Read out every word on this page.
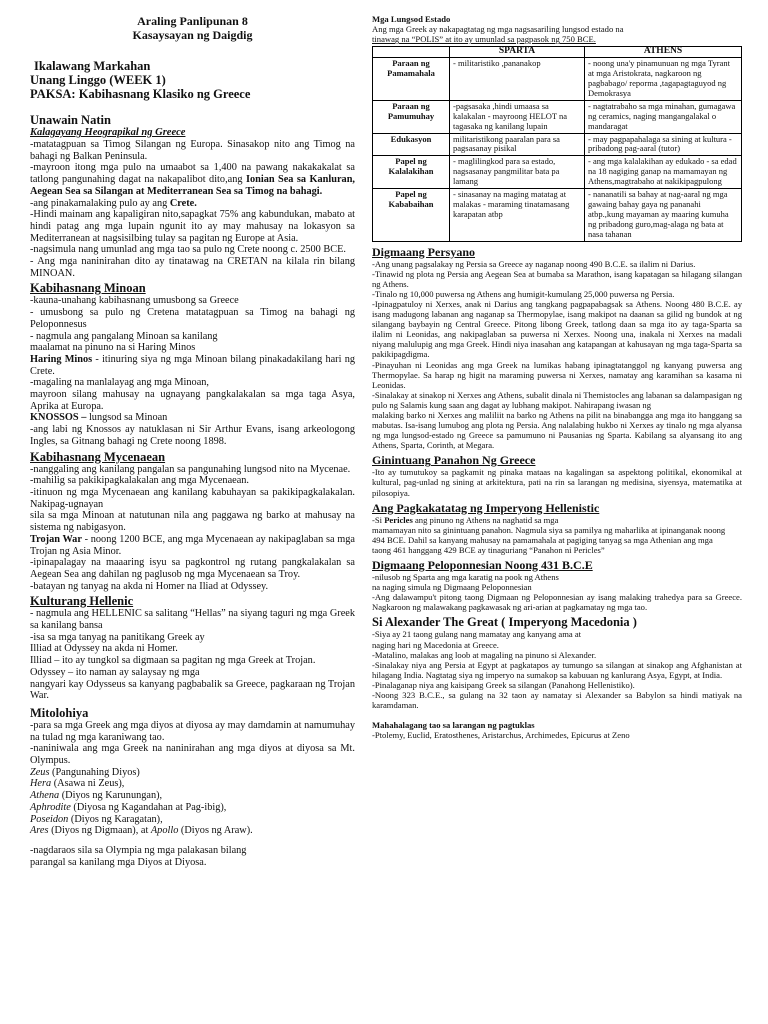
Araling Panlipunan 8
Kasaysayan ng Daigdig
Ikalawang Markahan
Unang Linggo (WEEK 1)
PAKSA: Kabihasnang Klasiko ng Greece
Unawain Natin
Kalagayang Heograpikal ng Greece

-matatagpuan sa Timog Silangan ng Europa. Sinasakop nito ang Timog na bahagi ng Balkan Peninsula.

-mayroon itong mga pulo na umaabot sa 1,400 na pawang nakakakalat sa tatlong pangunahing dagat na nakapalibot dito,ang Ionian Sea sa Kanluran, Aegean Sea sa Silangan at Mediterranean Sea sa Timog na bahagi.

-ang pinakamalaking pulo ay ang Crete.

-Hindi mainam ang kapaligiran nito,sapagkat 75% ang kabundukan, mabato at hindi patag ang mga lupain ngunit ito ay may mahusay na lokasyon sa Mediterranean at nagsisilbing tulay sa pagitan ng Europe at Asia.

-nagsimula nang umunlad ang mga tao sa pulo ng Crete noong c. 2500 BCE.

- Ang mga naninirahan dito ay tinatawag na CRETAN na kilala rin bilang MINOAN.

Kabihasnang Minoan

-kauna-unahang kabihasnang umusbong sa Greece

- umusbong sa pulo ng Cretena matatagpuan sa Timog na bahagi ng Peloponnesus

- nagmula ang pangalang Minoan sa kanilang

maalamat na pinuno na si Haring Minos

Haring Minos - itinuring siya ng mga Minoan bilang pinakadakilang hari ng Crete.

-magaling na manlalayag ang mga Minoan,

mayroon silang mahusay na ugnayang pangkalakalan sa mga taga Asya, Aprika at Europa.

KNOSSOS – lungsod sa Minoan

-ang labi ng Knossos ay natuklasan ni Sir Arthur Evans, isang arkeologong Ingles, sa Gitnang bahagi ng Crete noong 1898.

Kabihasnang Mycenaean

-nanggaling ang kanilang pangalan sa pangunahing lungsod nito na Mycenae.

-mahilig sa pakikipagkalakalan ang mga Mycenaean.

-itinuon ng mga Mycenaean ang kanilang kabuhayan sa pakikipagkalakalan. Nakipag-ugnayan

sila sa mga Minoan at natutunan nila ang paggawa ng barko at mahusay na sistema ng nabigasyon.

Trojan War - noong 1200 BCE, ang mga Mycenaean ay nakipaglaban sa mga Trojan ng Asia Minor.

-ipinapalagay na maaaring isyu sa pagkontrol ng rutang pangkalakalan sa Aegean Sea ang dahilan ng paglusob ng mga Mycenaean sa Troy.

-batayan ng tanyag na akda ni Homer na Iliad at Odyssey.

Kulturang Hellenic

- nagmula ang HELLENIC sa salitang “Hellas” na siyang taguri ng mga Greek sa kanilang bansa

-isa sa mga tanyag na panitikang Greek ay

Illiad at Odyssey na akda ni Homer.

Illiad – ito ay tungkol sa digmaan sa pagitan ng mga Greek at Trojan.

Odyssey – ito naman ay salaysay ng mga

nangyari kay Odysseus sa kanyang pagbabalik sa Greece, pagkaraan ng Trojan War.

Mitolohiya

-para sa mga Greek ang mga diyos at diyosa ay may damdamin at namumuhay na tulad ng mga karaniwang tao.

-naniniwala ang mga Greek na naninirahan ang mga diyos at diyosa sa Mt. Olympus.

Zeus (Pangunahing Diyos)

Hera (Asawa ni Zeus),

Athena (Diyos ng Karunungan),

Aphrodite (Diyosa ng Kagandahan at Pag-ibig),

Poseidon (Diyos ng Karagatan),

Ares (Diyos ng Digmaan), at Apollo (Diyos ng Araw).

-nagdaraos sila sa Olympia ng mga palakasan bilang

parangal sa kanilang mga Diyos at Diyosa.

Mga Lungsod Estado

Ang mga Greek ay nakapagtatag ng mga nagsasariling lungsod estado na

tinawag na “POLIS” at ito ay umunlad sa pagpasok ng 750 BCE.

	SPARTA	ATHENS
Paraan ng Pamamahala	- militaristiko ,pananakop	- noong una'y pinamunuan ng mga Tyrant at mga Aristokrata, nagkaroon ng pagbabago/ reporma ,tagapagtaguyod ng Demokrasya
Paraan ng Pamumuhay	-pagsasaka ,hindi umaasa sa kalakalan - mayroong HELOT na tagasaka ng kanilang lupain	- nagtatrabaho sa mga minahan, gumagawa ng ceramics, naging mangangalakal o mandaragat
Edukasyon	militaristikong paaralan para sa pagsasanay pisikal	- may pagpapahalaga sa sining at kultura - pribadong pag-aaral (tutor)
Papel ng Kalalakihan	- maglilingkod para sa estado, nagsasanay pangmilitar bata pa lamang	- ang mga kalalakihan ay edukado - sa edad na 18 nagiging ganap na mamamayan ng Athens,magtrabaho at nakikipagpulong
Papel ng Kababaihan	- sinasanay na maging matatag at malakas - maraming tinatamasang karapatan atbp	- nananatili sa bahay at nag-aaral ng mga gawaing bahay gaya ng pananahi atbp.,kung mayaman ay maaring kumuha ng pribadong guro,mag-alaga ng bata at nasa tahanan
Digmaang Persyano

-Ang unang pagsalakay ng Persia sa Greece ay naganap noong 490 B.C.E. sa ilalim ni Darius.

-Tinawid ng plota ng Persia ang Aegean Sea at bumaba sa Marathon, isang kapatagan sa hilagang silangan ng Athens.

-Tinalo ng 10,000 puwersa ng Athens ang humigit-kumulang 25,000 puwersa ng Persia.

-Ipinagpatuloy ni Xerxes, anak ni Darius ang tangkang pagpapabagsak sa Athens. Noong 480 B.C.E. ay isang madugong labanan ang naganap sa Thermopylae, isang makipot na daanan sa gilid ng bundok at ng silangang baybayin ng Central Greece. Pitong libong Greek, tatlong daan sa mga ito ay taga-Sparta sa ilalim ni Leonidas, ang nakipaglaban sa puwersa ni Xerxes. Noong una, inakala ni Xerxes na madali niyang malulupig ang mga Greek. Hindi niya inasahan ang katapangan at kahusayan ng mga taga-Sparta sa pakikipagdigma.

-Pinayuhan ni Leonidas ang mga Greek na lumikas habang ipinagtatanggol ng kanyang puwersa ang Thermopylae. Sa harap ng higit na maraming puwersa ni Xerxes, namatay ang karamihan sa kasama ni Leonidas.

-Sinalakay at sinakop ni Xerxes ang Athens, subalit dinala ni Themistocles ang labanan sa dalampasigan ng pulo ng Salamis kung saan ang dagat ay lubhang makipot. Nahirapang iwasan ng

malaking barko ni Xerxes ang maliliit na barko ng Athens na pilit na binabangga ang mga ito hanggang sa mabutas. Isa-isang lumubog ang plota ng Persia. Ang nalalabing hukbo ni Xerxes ay tinalo ng mga alyansa ng mga lungsod-estado ng Greece sa pamumuno ni Pausanias ng Sparta. Kabilang sa alyansang ito ang Athens, Sparta, Corinth, at Megara.

Ginintuang Panahon Ng Greece

-Ito ay tumutukoy sa pagkamit ng pinaka mataas na kagalingan sa aspektong politikal, ekonomikal at kultural, pag-unlad ng sining at arkitektura, pati na rin sa larangan ng medisina, siyensya, matematika at pilosopiya.

Ang Pagkakatatag ng Imperyong Hellenistic

-Si Pericles ang pinuno ng Athens na naghatid sa mga

mamamayan nito sa ginintuang panahon. Nagmula siya sa pamilya ng maharlika at ipinanganak noong

494 BCE. Dahil sa kanyang mahusay na pamamahala at pagiging tanyag sa mga Athenian ang mga

taong 461 hanggang 429 BCE ay tinaguriang “Panahon ni Pericles”

Digmaang Peloponnesian Noong 431 B.C.E

-nilusob ng Sparta ang mga karatig na pook ng Athens

na naging simula ng Digmaang Peloponnesian

-Ang dalawampu't pitong taong Digmaan ng Peloponnesian ay isang malaking trahedya para sa Greece. Nagkaroon ng malawakang pagkawasak ng ari-arian at pagkamatay ng mga tao.

Si Alexander The Great ( Imperyong Macedonia )

-Siya ay 21 taong gulang nang mamatay ang kanyang ama at

naging hari ng Macedonia at Greece.

-Matalino, malakas ang loob at magaling na pinuno si Alexander.

-Sinalakay niya ang Persia at Egypt at pagkatapos ay tumungo sa silangan at sinakop ang Afghanistan at hilagang India. Nagtatag siya ng imperyo na sumakop sa kabuuan ng kanlurang Asya, Egypt, at India.

-Pinalaganap niya ang kaisipang Greek sa silangan (Panahong Hellenistiko).

-Noong 323 B.C.E., sa gulang na 32 taon ay namatay si Alexander sa Babylon sa hindi matiyak na karamdaman.

Mahahalagang tao sa larangan ng pagtuklas

-Ptolemy, Euclid, Eratosthenes, Aristarchus, Archimedes, Epicurus at Zeno
